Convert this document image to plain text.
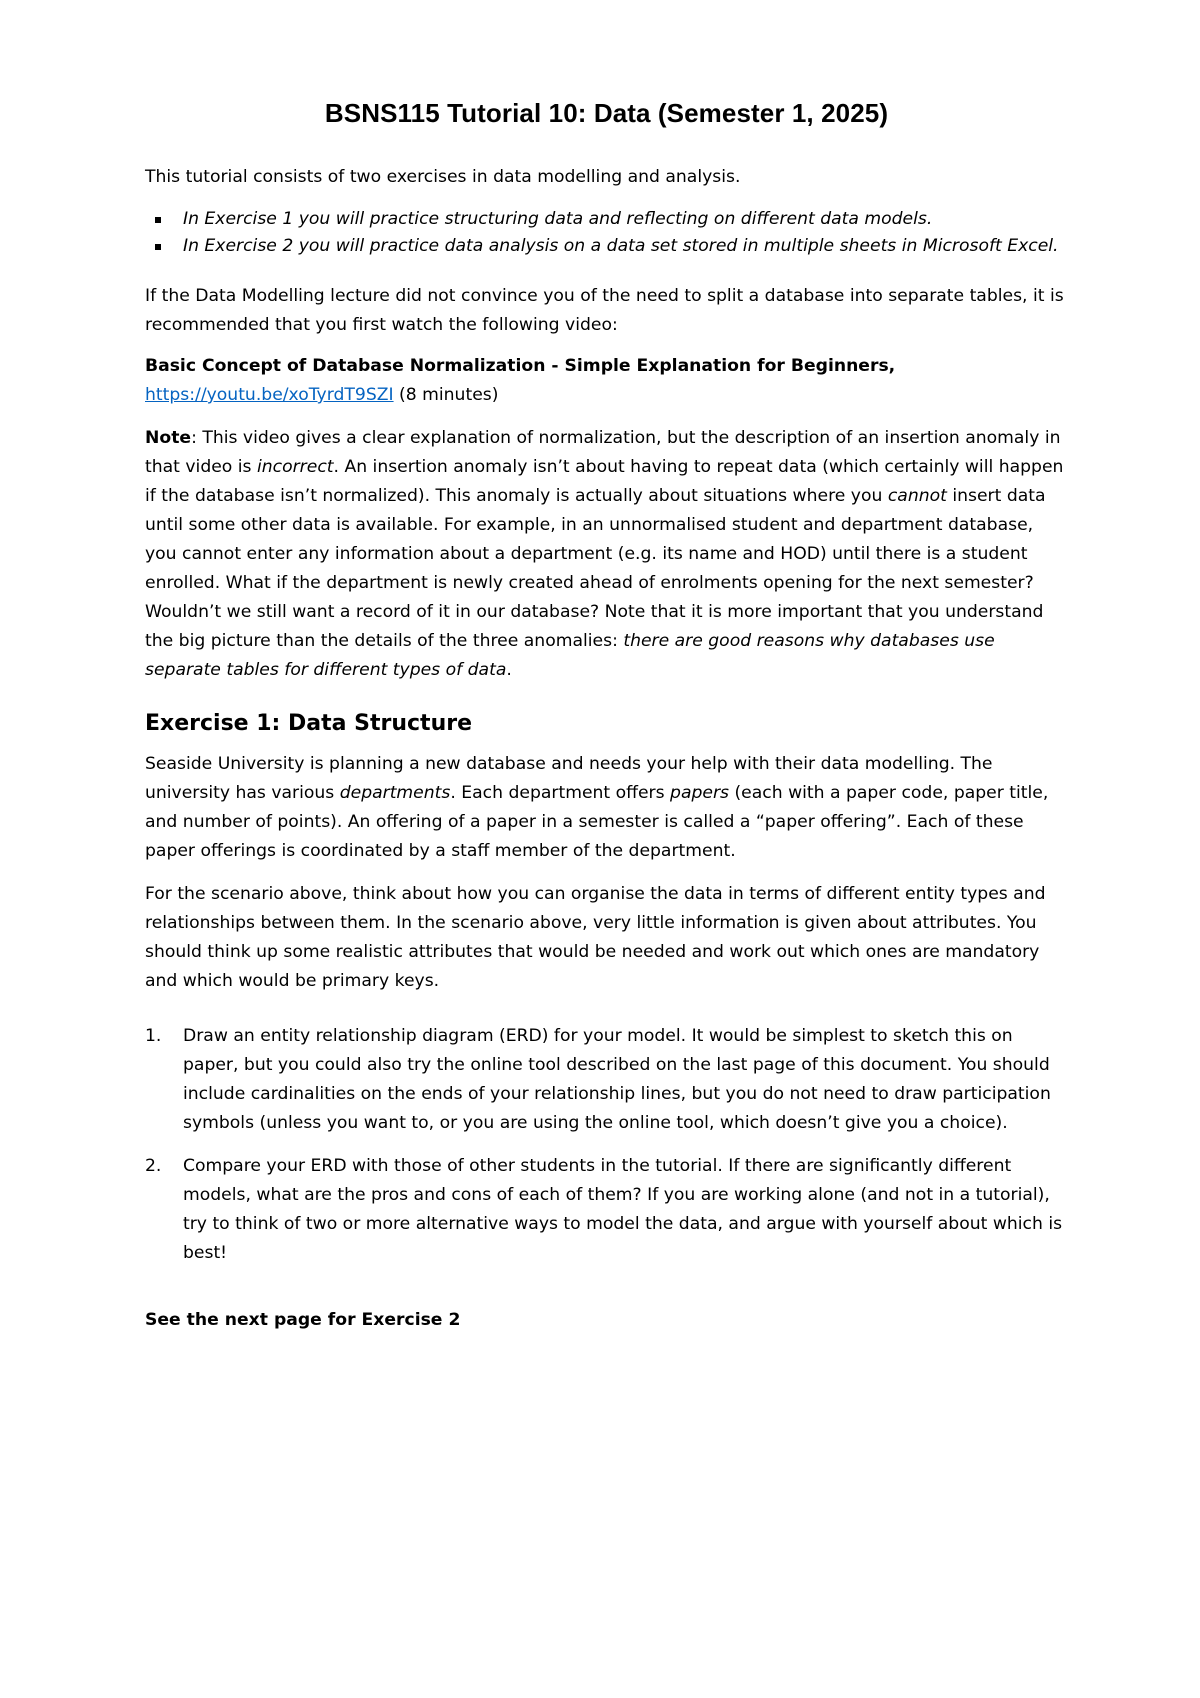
BSNS115 Tutorial 10: Data (Semester 1, 2025)

This tutorial consists of two exercises in data modelling and analysis.

In Exercise 1 you will practice structuring data and reflecting on different data models.
In Exercise 2 you will practice data analysis on a data set stored in multiple sheets in Microsoft Excel.

If the Data Modelling lecture did not convince you of the need to split a database into separate tables, it is recommended that you first watch the following video:

Basic Concept of Database Normalization - Simple Explanation for Beginners,
https://youtu.be/xoTyrdT9SZI (8 minutes)

Note: This video gives a clear explanation of normalization, but the description of an insertion anomaly in that video is incorrect. An insertion anomaly isn’t about having to repeat data (which certainly will happen if the database isn’t normalized). This anomaly is actually about situations where you cannot insert data until some other data is available. For example, in an unnormalised student and department database, you cannot enter any information about a department (e.g. its name and HOD) until there is a student enrolled. What if the department is newly created ahead of enrolments opening for the next semester? Wouldn’t we still want a record of it in our database? Note that it is more important that you understand the big picture than the details of the three anomalies: there are good reasons why databases use separate tables for different types of data.

Exercise 1: Data Structure

Seaside University is planning a new database and needs your help with their data modelling. The university has various departments. Each department offers papers (each with a paper code, paper title, and number of points). An offering of a paper in a semester is called a “paper offering”. Each of these paper offerings is coordinated by a staff member of the department.

For the scenario above, think about how you can organise the data in terms of different entity types and relationships between them. In the scenario above, very little information is given about attributes. You should think up some realistic attributes that would be needed and work out which ones are mandatory and which would be primary keys.

1. Draw an entity relationship diagram (ERD) for your model. It would be simplest to sketch this on paper, but you could also try the online tool described on the last page of this document. You should include cardinalities on the ends of your relationship lines, but you do not need to draw participation symbols (unless you want to, or you are using the online tool, which doesn’t give you a choice).
2. Compare your ERD with those of other students in the tutorial. If there are significantly different models, what are the pros and cons of each of them? If you are working alone (and not in a tutorial), try to think of two or more alternative ways to model the data, and argue with yourself about which is best!

See the next page for Exercise 2
